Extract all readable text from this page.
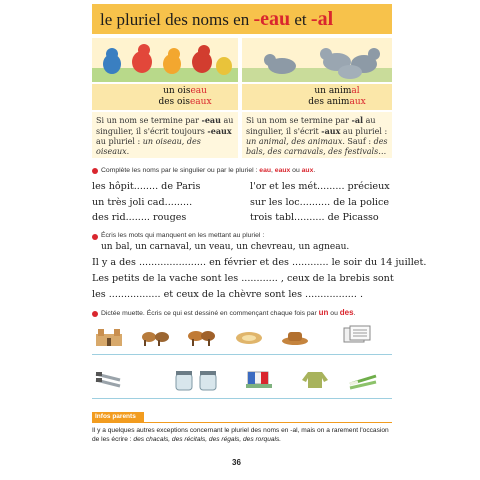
le pluriel des noms en -eau et -al
un oiseau
des oiseaux
un animal
des animaux
Si un nom se termine par -eau au singulier, il s'écrit toujours -eaux au pluriel : un oiseau, des oiseaux.
Si un nom se termine par -al au singulier, il s'écrit -aux au pluriel : un animal, des animaux. Sauf : des bals, des carnavals, des festivals…
Complète les noms par le singulier ou par le pluriel : eau, eaux ou aux.
les hôpit........ de Paris	l'or et les mét......... précieux
un très joli cad.........	sur les loc.......... de la police
des rid........ rouges	trois tabl.......... de Picasso
Écris les mots qui manquent en les mettant au pluriel :
un bal, un carnaval, un veau, un chevreau, un agneau.
Il y a des ...................... en février et des ............ le soir du 14 juillet.
Les petits de la vache sont les ............ , ceux de la brebis sont
les ................. et ceux de la chèvre sont les ................. .
Dictée muette. Écris ce qui est dessiné en commençant chaque fois par un ou des.
Infos parents
Il y a quelques autres exceptions concernant le pluriel des noms en -al, mais on a rarement l'occasion de les écrire : des chacals, des récitals, des régals, des rorquals.
36
